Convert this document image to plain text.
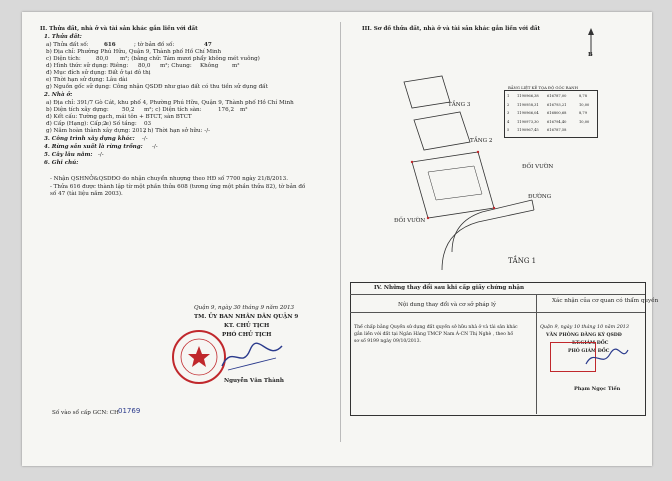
II. Thửa đất, nhà ở và tài sản khác gắn liền với đất
1. Thửa đất:
a) Thửa đất số:	616	; tờ bản đồ số:	47
b) Địa chỉ: Phường Phú Hữu, Quận 9, Thành phố Hồ Chí Minh
c) Diện tích:	80,0 m²; (bằng chữ: Tám mươi phẩy không mét vuông)
d) Hình thức sử dụng: Riêng: 80,0 m²; Chung: Không m²
đ) Mục đích sử dụng: Đất ở tại đô thị
e) Thời hạn sử dụng: Lâu dài
g) Nguồn gốc sử dụng: Công nhận QSDĐ như giao đất có thu tiền sử dụng đất
2. Nhà ở:
a) Địa chỉ: 391/7 Gò Cát, khu phố 4, Phường Phú Hữu, Quận 9, Thành phố Hồ Chí Minh
b) Diện tích xây dựng: 50,2 m²; c) Diện tích sàn:	176,2 m²
d) Kết cấu: Tường gạch, mái tôn + BTCT, sàn BTCT
đ) Cấp (Hạng): Cấp 2
; e) Số tầng: 03
g) Năm hoàn thành xây dựng: 2012
; h) Thời hạn sở hữu: -/-
3. Công trình xây dựng khác: -/-
4. Rừng sản xuất là rừng trồng: -/-
5. Cây lâu năm: -/-
6. Ghi chú:
- Nhận QSHNỞ&QSDĐO do nhận chuyển nhượng theo HĐ số 7700 ngày 21/8/2013.
- Thửa 616 được thành lập từ một phần thửa 608 (tương ứng một phần thửa 82), tờ bản đồ
số 47 (tài liệu năm 2003).
Quận 9, ngày 30 tháng 9 năm 2013
TM. ỦY BAN NHÂN DÂN QUẬN 9
KT. CHỦ TỊCH
PHÓ CHỦ TỊCH
Nguyễn Văn Thành
Số vào sổ cấp GCN: CH 01769
III. Sơ đồ thửa đất, nhà ở và tài sản khác gắn liền với đất
B
TẦNG 3
TẦNG 2
TẦNG 1
ĐỐI VƯỜN
ĐỐI VƯỜN
ĐƯỜNG
BẢNG LIỆT KÊ TỌA ĐỘ GÓC RANH
1 1190966,38 616787,00	8,78
2 1190958,31 616793,21	10,00
3 1190966,04 616800,68	8,79
4 1190973,30 616794,40	10,00
5 1190967,45 616787,58
IV. Những thay đổi sau khi cấp giấy chứng nhận
Nội dung thay đổi và cơ sở pháp lý
Xác nhận của cơ quan có thẩm quyền
Thế chấp bằng Quyền sử dụng đất quyền sở hữu nhà ở và tài sản khác
gắn liền với đất tại Ngân Hàng TMCP Nam Á-CN Thị Nghè , theo hồ
sơ số 9199 ngày 09/10/2013.
Quận 9, ngày 10 tháng 10 năm 2013
VĂN PHÒNG ĐĂNG KÝ QSDĐ
KT.GIÁM ĐỐC
PHÓ GIÁM ĐỐC
Phạm Ngọc Tiến
